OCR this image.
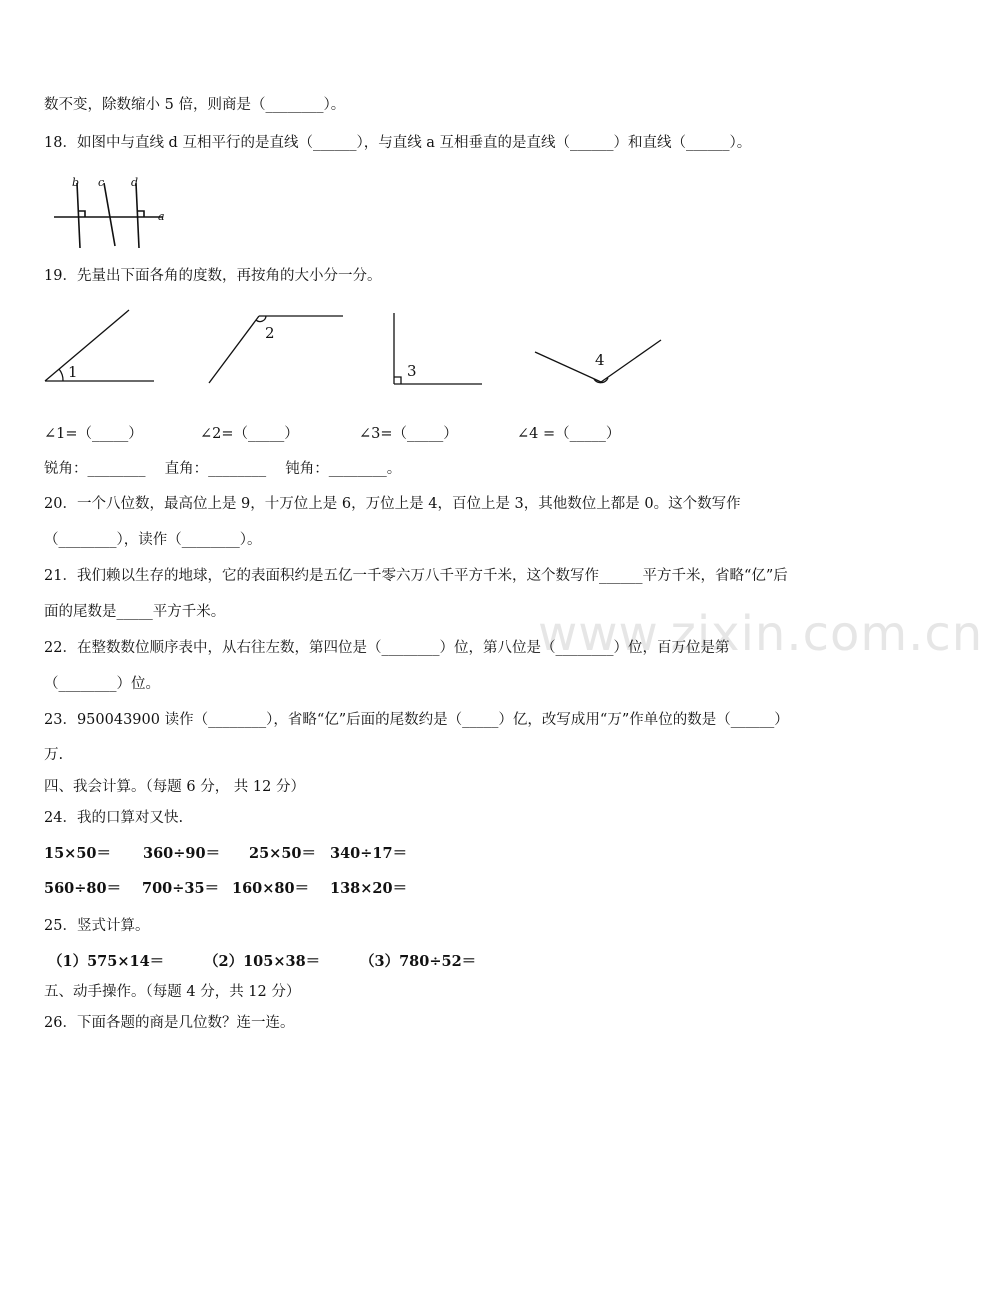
www.zixin.com.cn
数不变，除数缩小 5 倍，则商是（________）。
18．如图中与直线 d 互相平行的是直线（______），与直线 a 互相垂直的是直线（______）和直线（______）。
b c d
a
19．先量出下面各角的度数，再按角的大小分一分。
1
2
3
4
∠1=（_____）	∠2=（_____）	∠3=（_____）	∠4 =（_____）
锐角：________　 直角：________　 钝角：________。
20．一个八位数，最高位上是 9，十万位上是 6，万位上是 4，百位上是 3，其他数位上都是 0。这个数写作
（________），读作（________）。
21．我们赖以生存的地球，它的表面积约是五亿一千零六万八千平方千米，这个数写作______平方千米，省略“亿”后
面的尾数是_____平方千米。
22．在整数数位顺序表中，从右往左数，第四位是（________）位，第八位是（________）位，百万位是第
（________）位。
23．950043900 读作（________），省略“亿”后面的尾数约是（_____）亿，改写成用“万”作单位的数是（______）
万.
四、我会计算。（每题 6 分， 共 12 分）
24．我的口算对又快.
15×50＝ 360÷90＝ 25×50＝ 340÷17＝
560÷80＝ 700÷35＝ 160×80＝ 138×20＝
25．竖式计算。
（1）575×14＝	（2）105×38＝	（3）780÷52＝
五、动手操作。（每题 4 分，共 12 分）
26．下面各题的商是几位数？连一连。
